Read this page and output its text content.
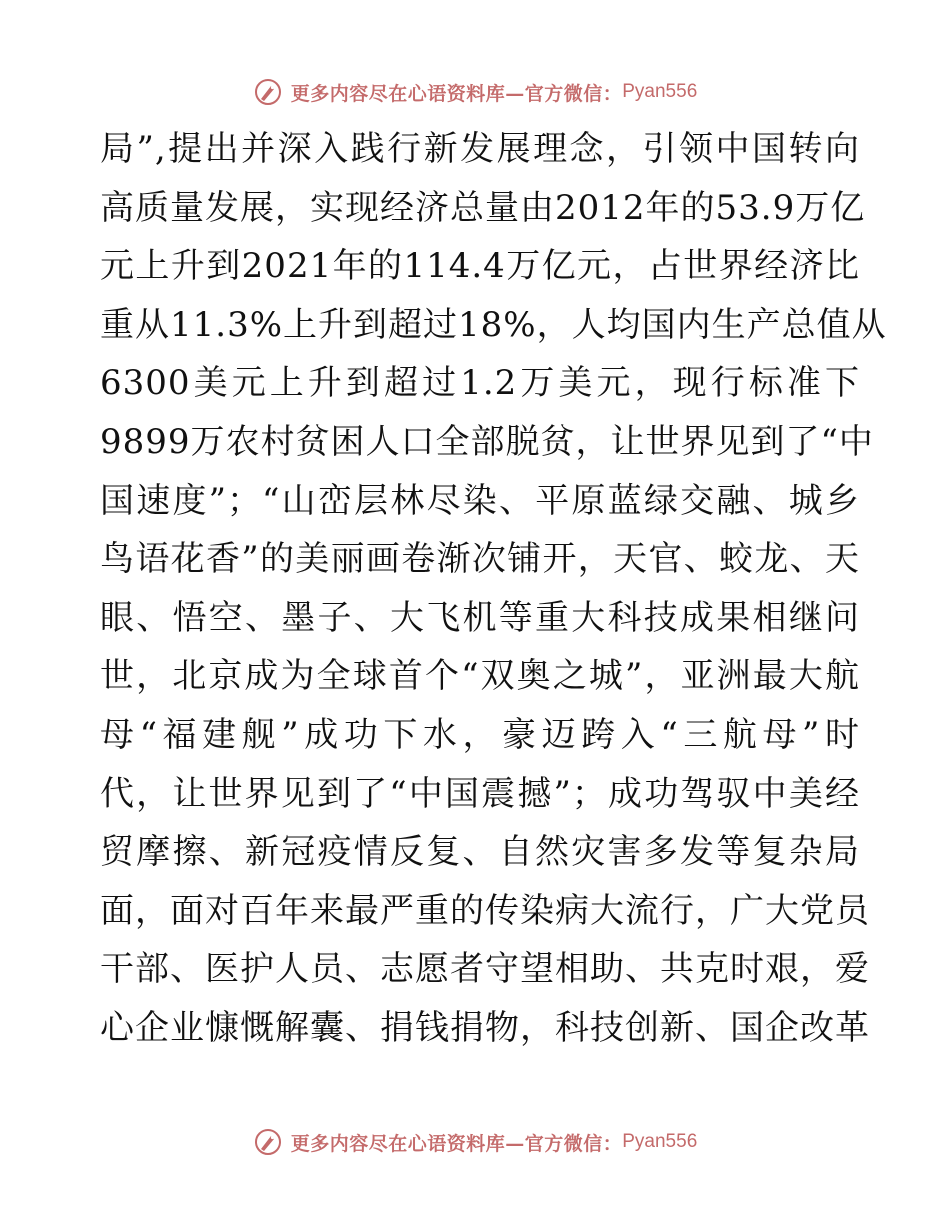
更多内容尽在心语资料库—官方微信： Pyan556
局”,提出并深入践行新发展理念，引领中国转向
高质量发展，实现经济总量由2012年的53.9万亿
元上升到2021年的114.4万亿元，占世界经济比
重从11.3%上升到超过18%，人均国内生产总值从
6300美元上升到超过1.2万美元，现行标准下
9899万农村贫困人口全部脱贫，让世界见到了“中
国速度”；“山峦层林尽染、平原蓝绿交融、城乡
鸟语花香”的美丽画卷渐次铺开，天官、蛟龙、天
眼、悟空、墨子、大飞机等重大科技成果相继问
世，北京成为全球首个“双奥之城”，亚洲最大航
母“福建舰”成功下水，豪迈跨入“三航母”时
代，让世界见到了“中国震撼”；成功驾驭中美经
贸摩擦、新冠疫情反复、自然灾害多发等复杂局
面，面对百年来最严重的传染病大流行，广大党员
干部、医护人员、志愿者守望相助、共克时艰，爱
心企业慷慨解囊、捐钱捐物，科技创新、国企改革
更多内容尽在心语资料库—官方微信： Pyan556
